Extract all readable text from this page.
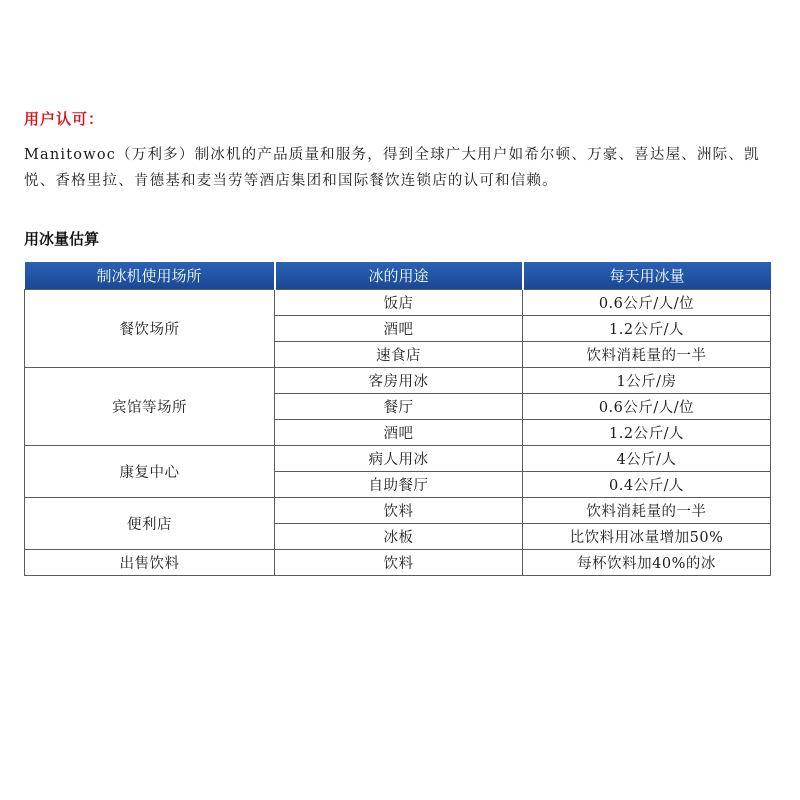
用户认可：
Manitowoc（万利多）制冰机的产品质量和服务，得到全球广大用户如希尔顿、万豪、喜达屋、洲际、凯悦、香格里拉、肯德基和麦当劳等酒店集团和国际餐饮连锁店的认可和信赖。
用冰量估算
制冰机使用场所	冰的用途	每天用冰量
餐饮场所	饭店	0.6公斤/人/位
	酒吧	1.2公斤/人
	速食店	饮料消耗量的一半
宾馆等场所	客房用冰	1公斤/房
	餐厅	0.6公斤/人/位
	酒吧	1.2公斤/人
康复中心	病人用冰	4公斤/人
	自助餐厅	0.4公斤/人
便利店	饮料	饮料消耗量的一半
	冰板	比饮料用冰量增加50%
出售饮料	饮料	每杯饮料加40%的冰
